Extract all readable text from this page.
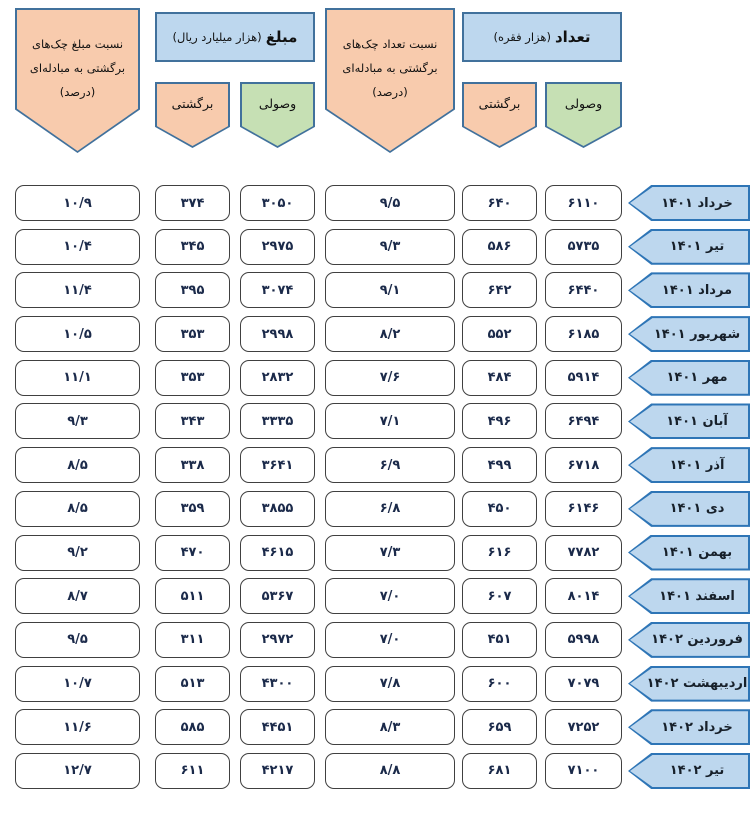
نسبت مبلغ چک‌های برگشتی به مبادله‌ای (درصد)
مبلغ
(هزار میلیارد ریال)
برگشتی	وصولی
نسبت تعداد چک‌های برگشتی به مبادله‌ای (درصد)
تعداد
(هزار فقره)
برگشتی	وصولی
خرداد ۱۴۰۱
۶۱۱۰
۶۴۰
۹/۵
۳۰۵۰
۳۷۴
۱۰/۹
تیر ۱۴۰۱
۵۷۳۵
۵۸۶
۹/۳
۲۹۷۵
۳۴۵
۱۰/۴
مرداد ۱۴۰۱
۶۴۴۰
۶۴۲
۹/۱
۳۰۷۴
۳۹۵
۱۱/۴
شهریور ۱۴۰۱
۶۱۸۵
۵۵۲
۸/۲
۲۹۹۸
۳۵۳
۱۰/۵
مهر ۱۴۰۱
۵۹۱۴
۴۸۴
۷/۶
۲۸۳۲
۳۵۳
۱۱/۱
آبان ۱۴۰۱
۶۴۹۴
۴۹۶
۷/۱
۳۳۳۵
۳۴۳
۹/۳
آذر ۱۴۰۱
۶۷۱۸
۴۹۹
۶/۹
۳۶۴۱
۳۳۸
۸/۵
دی ۱۴۰۱
۶۱۴۶
۴۵۰
۶/۸
۳۸۵۵
۳۵۹
۸/۵
بهمن ۱۴۰۱
۷۷۸۲
۶۱۶
۷/۳
۴۶۱۵
۴۷۰
۹/۲
اسفند ۱۴۰۱
۸۰۱۴
۶۰۷
۷/۰
۵۳۶۷
۵۱۱
۸/۷
فروردین ۱۴۰۲
۵۹۹۸
۴۵۱
۷/۰
۲۹۷۲
۳۱۱
۹/۵
اردیبهشت ۱۴۰۲
۷۰۷۹
۶۰۰
۷/۸
۴۳۰۰
۵۱۳
۱۰/۷
خرداد ۱۴۰۲
۷۲۵۲
۶۵۹
۸/۳
۴۴۵۱
۵۸۵
۱۱/۶
تیر ۱۴۰۲
۷۱۰۰
۶۸۱
۸/۸
۴۲۱۷
۶۱۱
۱۲/۷
